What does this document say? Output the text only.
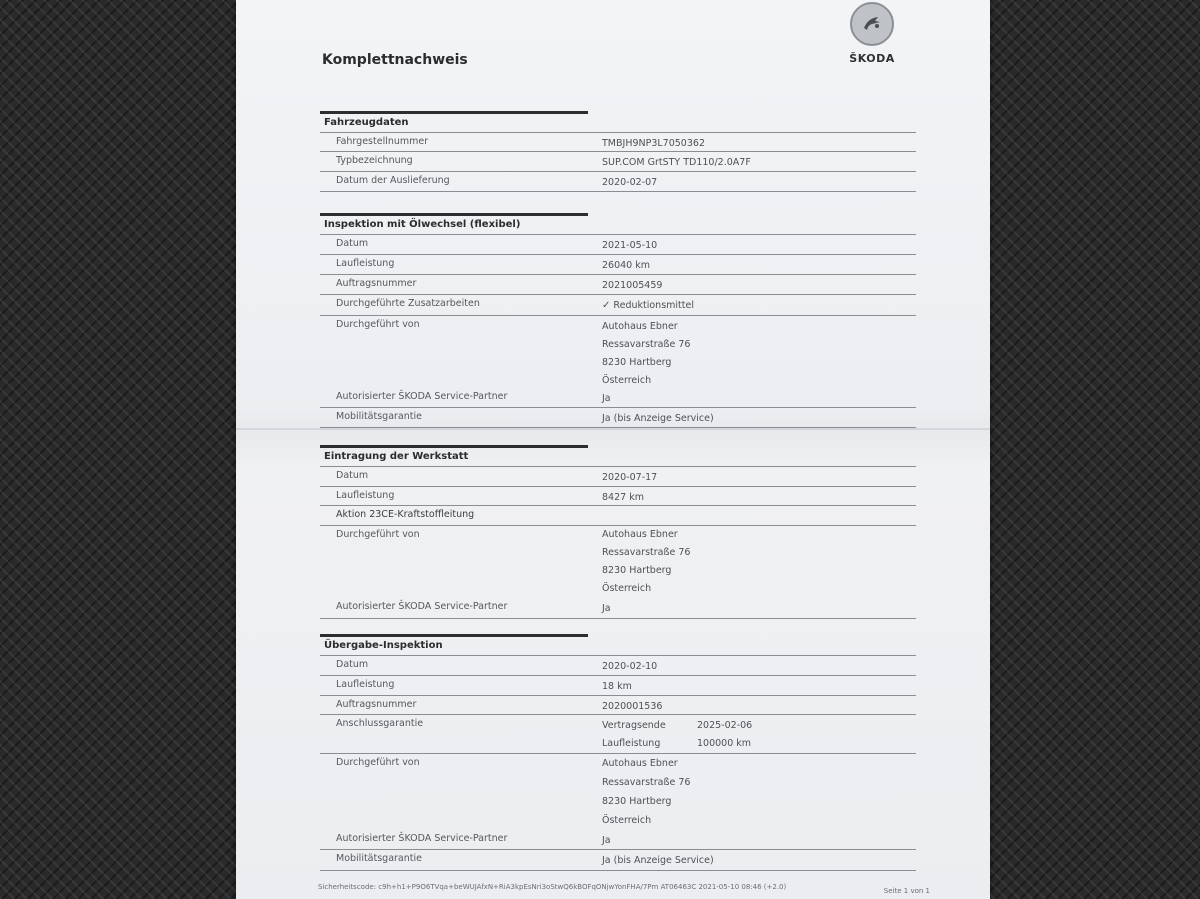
Komplettnachweis	ŠKODA
Fahrzeugdaten
Fahrgestellnummer	TMBJH9NP3L7050362
Typbezeichnung	SUP.COM GrtSTY TD110/2.0A7F
Datum der Auslieferung	2020-02-07
Inspektion mit Ölwechsel (flexibel)
Datum	2021-05-10
Laufleistung	26040 km
Auftragsnummer	2021005459
Durchgeführte Zusatzarbeiten	✓ Reduktionsmittel
Durchgeführt von	Autohaus Ebner
Ressavarstraße 76
8230 Hartberg
Österreich
Autorisierter ŠKODA Service-Partner	Ja
Mobilitätsgarantie	Ja (bis Anzeige Service)
Eintragung der Werkstatt
Datum	2020-07-17
Laufleistung	8427 km
Aktion 23CE-Kraftstoffleitung
Durchgeführt von	Autohaus Ebner
Ressavarstraße 76
8230 Hartberg
Österreich
Autorisierter ŠKODA Service-Partner	Ja
Übergabe-Inspektion
Datum	2020-02-10
Laufleistung	18 km
Auftragsnummer	2020001536
Anschlussgarantie	Vertragsende	2025-02-06
Laufleistung	100000 km
Durchgeführt von	Autohaus Ebner
Ressavarstraße 76
8230 Hartberg
Österreich
Autorisierter ŠKODA Service-Partner	Ja
Mobilitätsgarantie	Ja (bis Anzeige Service)
Sicherheitscode: c9h+h1+P9O6TVqa+beWUJAfxN+RiA3kpEsNri3oStwQ6kBOFqONjwYonFHA/7Pm AT06463C 2021-05-10 08:46 (+2.0)	Seite 1 von 1
